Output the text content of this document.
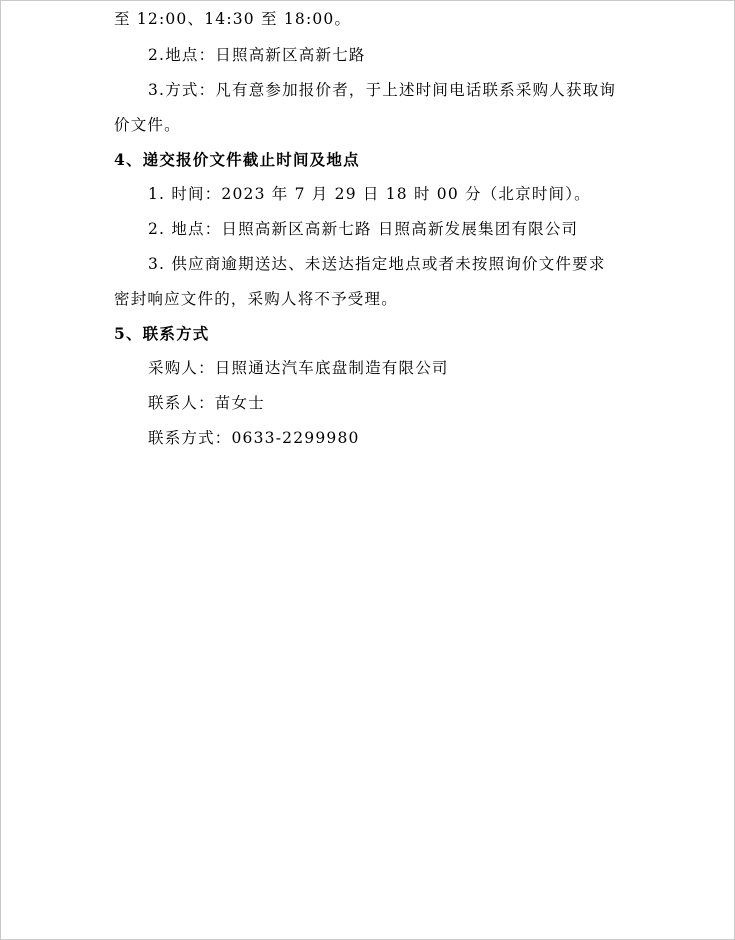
至 12:00、14:30 至 18:00。
2.地点：日照高新区高新七路
3.方式：凡有意参加报价者，于上述时间电话联系采购人获取询
价文件。
4、递交报价文件截止时间及地点
1. 时间：2023 年 7 月 29 日 18 时 00 分（北京时间）。
2. 地点：日照高新区高新七路 日照高新发展集团有限公司
3. 供应商逾期送达、未送达指定地点或者未按照询价文件要求
密封响应文件的，采购人将不予受理。
5、联系方式
采购人：日照通达汽车底盘制造有限公司
联系人：苗女士
联系方式：0633-2299980
